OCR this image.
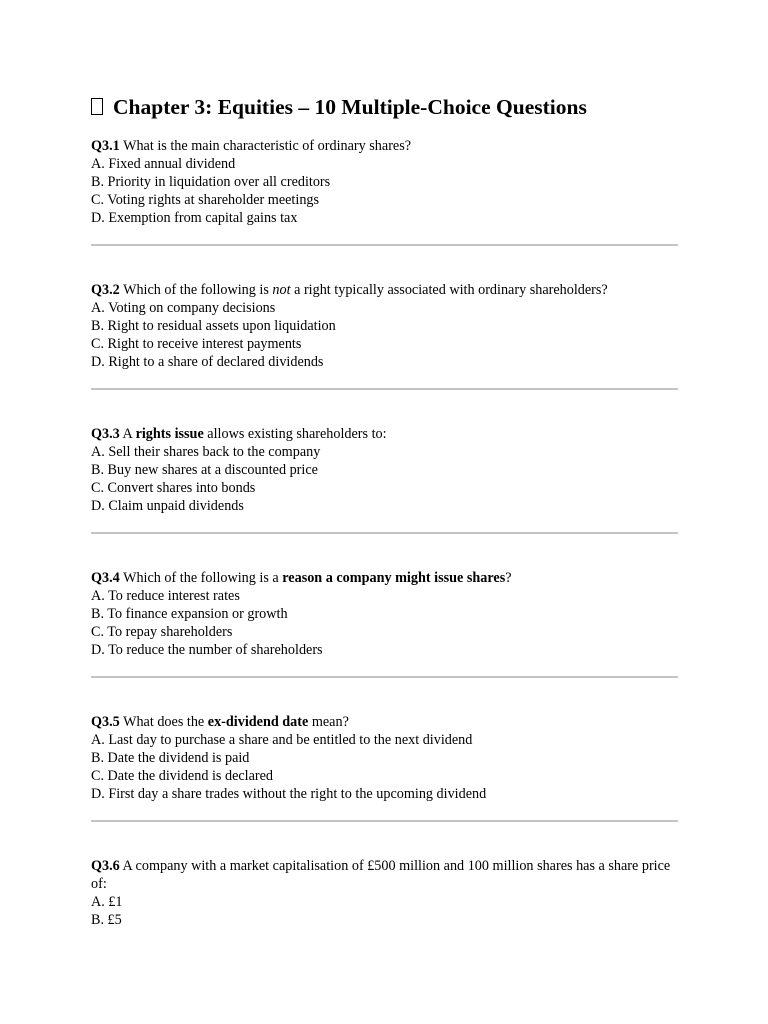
Chapter 3: Equities – 10 Multiple-Choice Questions

Q3.1 What is the main characteristic of ordinary shares?

A. Fixed annual dividend

B. Priority in liquidation over all creditors

C. Voting rights at shareholder meetings

D. Exemption from capital gains tax

Q3.2 Which of the following is not a right typically associated with ordinary shareholders?

A. Voting on company decisions

B. Right to residual assets upon liquidation

C. Right to receive interest payments

D. Right to a share of declared dividends

Q3.3 A rights issue allows existing shareholders to:

A. Sell their shares back to the company

B. Buy new shares at a discounted price

C. Convert shares into bonds

D. Claim unpaid dividends

Q3.4 Which of the following is a reason a company might issue shares?

A. To reduce interest rates

B. To finance expansion or growth

C. To repay shareholders

D. To reduce the number of shareholders

Q3.5 What does the ex-dividend date mean?

A. Last day to purchase a share and be entitled to the next dividend

B. Date the dividend is paid

C. Date the dividend is declared

D. First day a share trades without the right to the upcoming dividend

Q3.6 A company with a market capitalisation of £500 million and 100 million shares has a share price of:

A. £1

B. £5
